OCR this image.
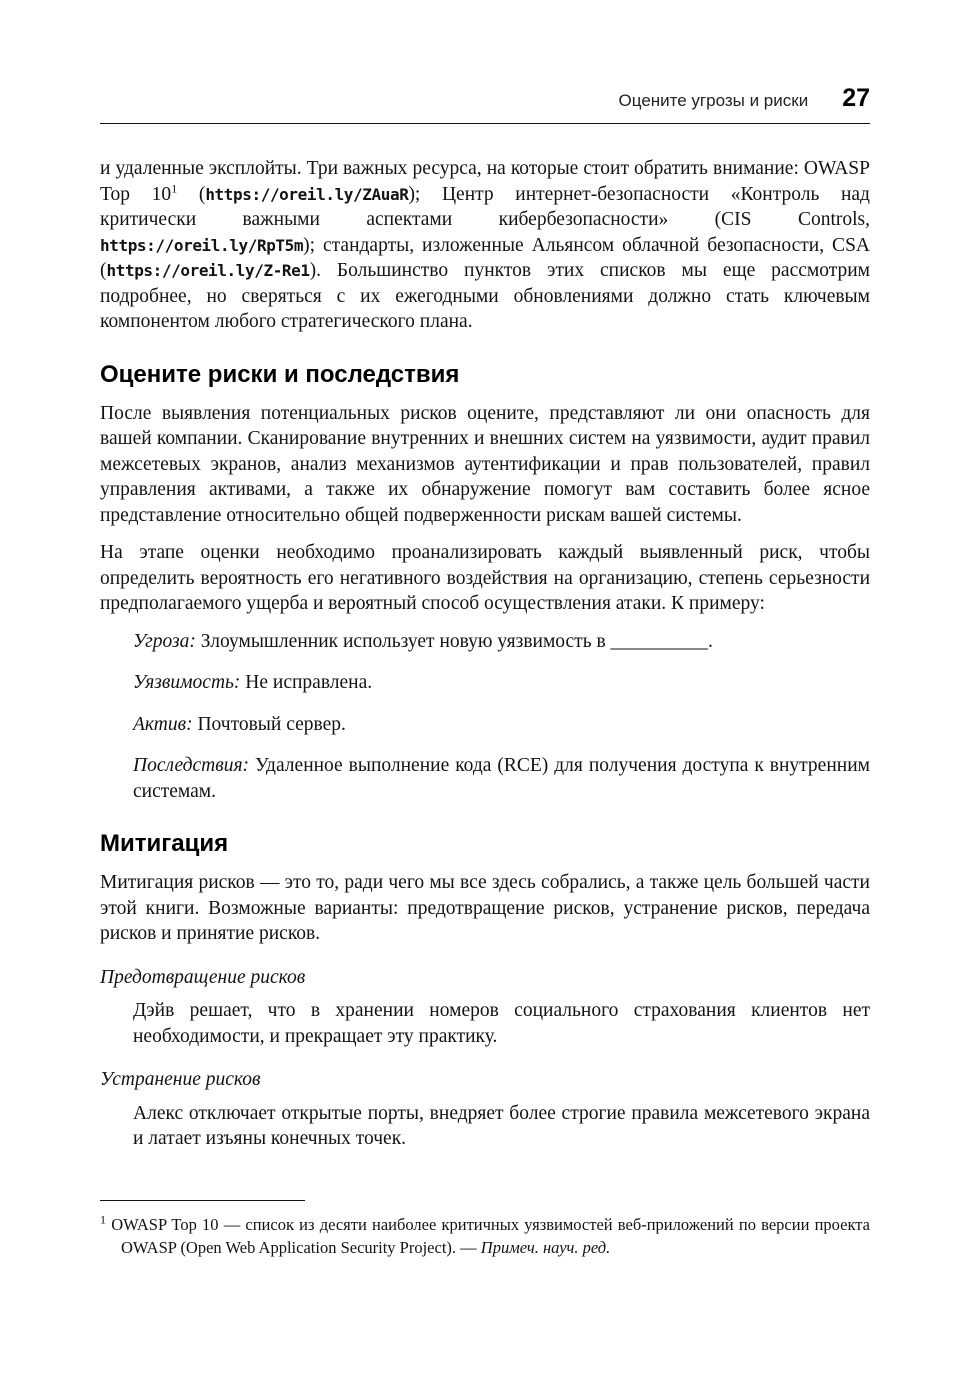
Оцените угрозы и риски 27

и удаленные эксплойты. Три важных ресурса, на которые стоит обратить внимание: OWASP Top $10^1$ (https://oreil.ly/ZAuaR); Центр интернет-безопасности «Контроль над критически важными аспектами кибербезопасности» (CIS Controls, https://oreil.ly/RpT5m); стандарты, изложенные Альянсом облачной безопасности, CSA (https://oreil.ly/Z-Re1). Большинство пунктов этих списков мы еще рассмотрим подробнее, но сверяться с их ежегодными обновлениями должно стать ключевым компонентом любого стратегического плана.

Оцените риски и последствия

После выявления потенциальных рисков оцените, представляют ли они опасность для вашей компании. Сканирование внутренних и внешних систем на уязвимости, аудит правил межсетевых экранов, анализ механизмов аутентификации и прав пользователей, правил управления активами, а также их обнаружение помогут вам составить более ясное представление относительно общей подверженности рискам вашей системы.

На этапе оценки необходимо проанализировать каждый выявленный риск, чтобы определить вероятность его негативного воздействия на организацию, степень серьезности предполагаемого ущерба и вероятный способ осуществления атаки. К примеру:

Угроза: Злоумышленник использует новую уязвимость в __________.

Уязвимость: Не исправлена.

Актив: Почтовый сервер.

Последствия: Удаленное выполнение кода (RCE) для получения доступа к внутренним системам.

Митигация

Митигация рисков — это то, ради чего мы все здесь собрались, а также цель большей части этой книги. Возможные варианты: предотвращение рисков, устранение рисков, передача рисков и принятие рисков.

Предотвращение рисков

Дэйв решает, что в хранении номеров социального страхования клиентов нет необходимости, и прекращает эту практику.

Устранение рисков

Алекс отключает открытые порты, внедряет более строгие правила межсетевого экрана и латает изъяны конечных точек.

$^1$ OWASP Top 10 — список из десяти наиболее критичных уязвимостей веб-приложений по версии проекта OWASP (Open Web Application Security Project). — Примеч. науч. ред.
